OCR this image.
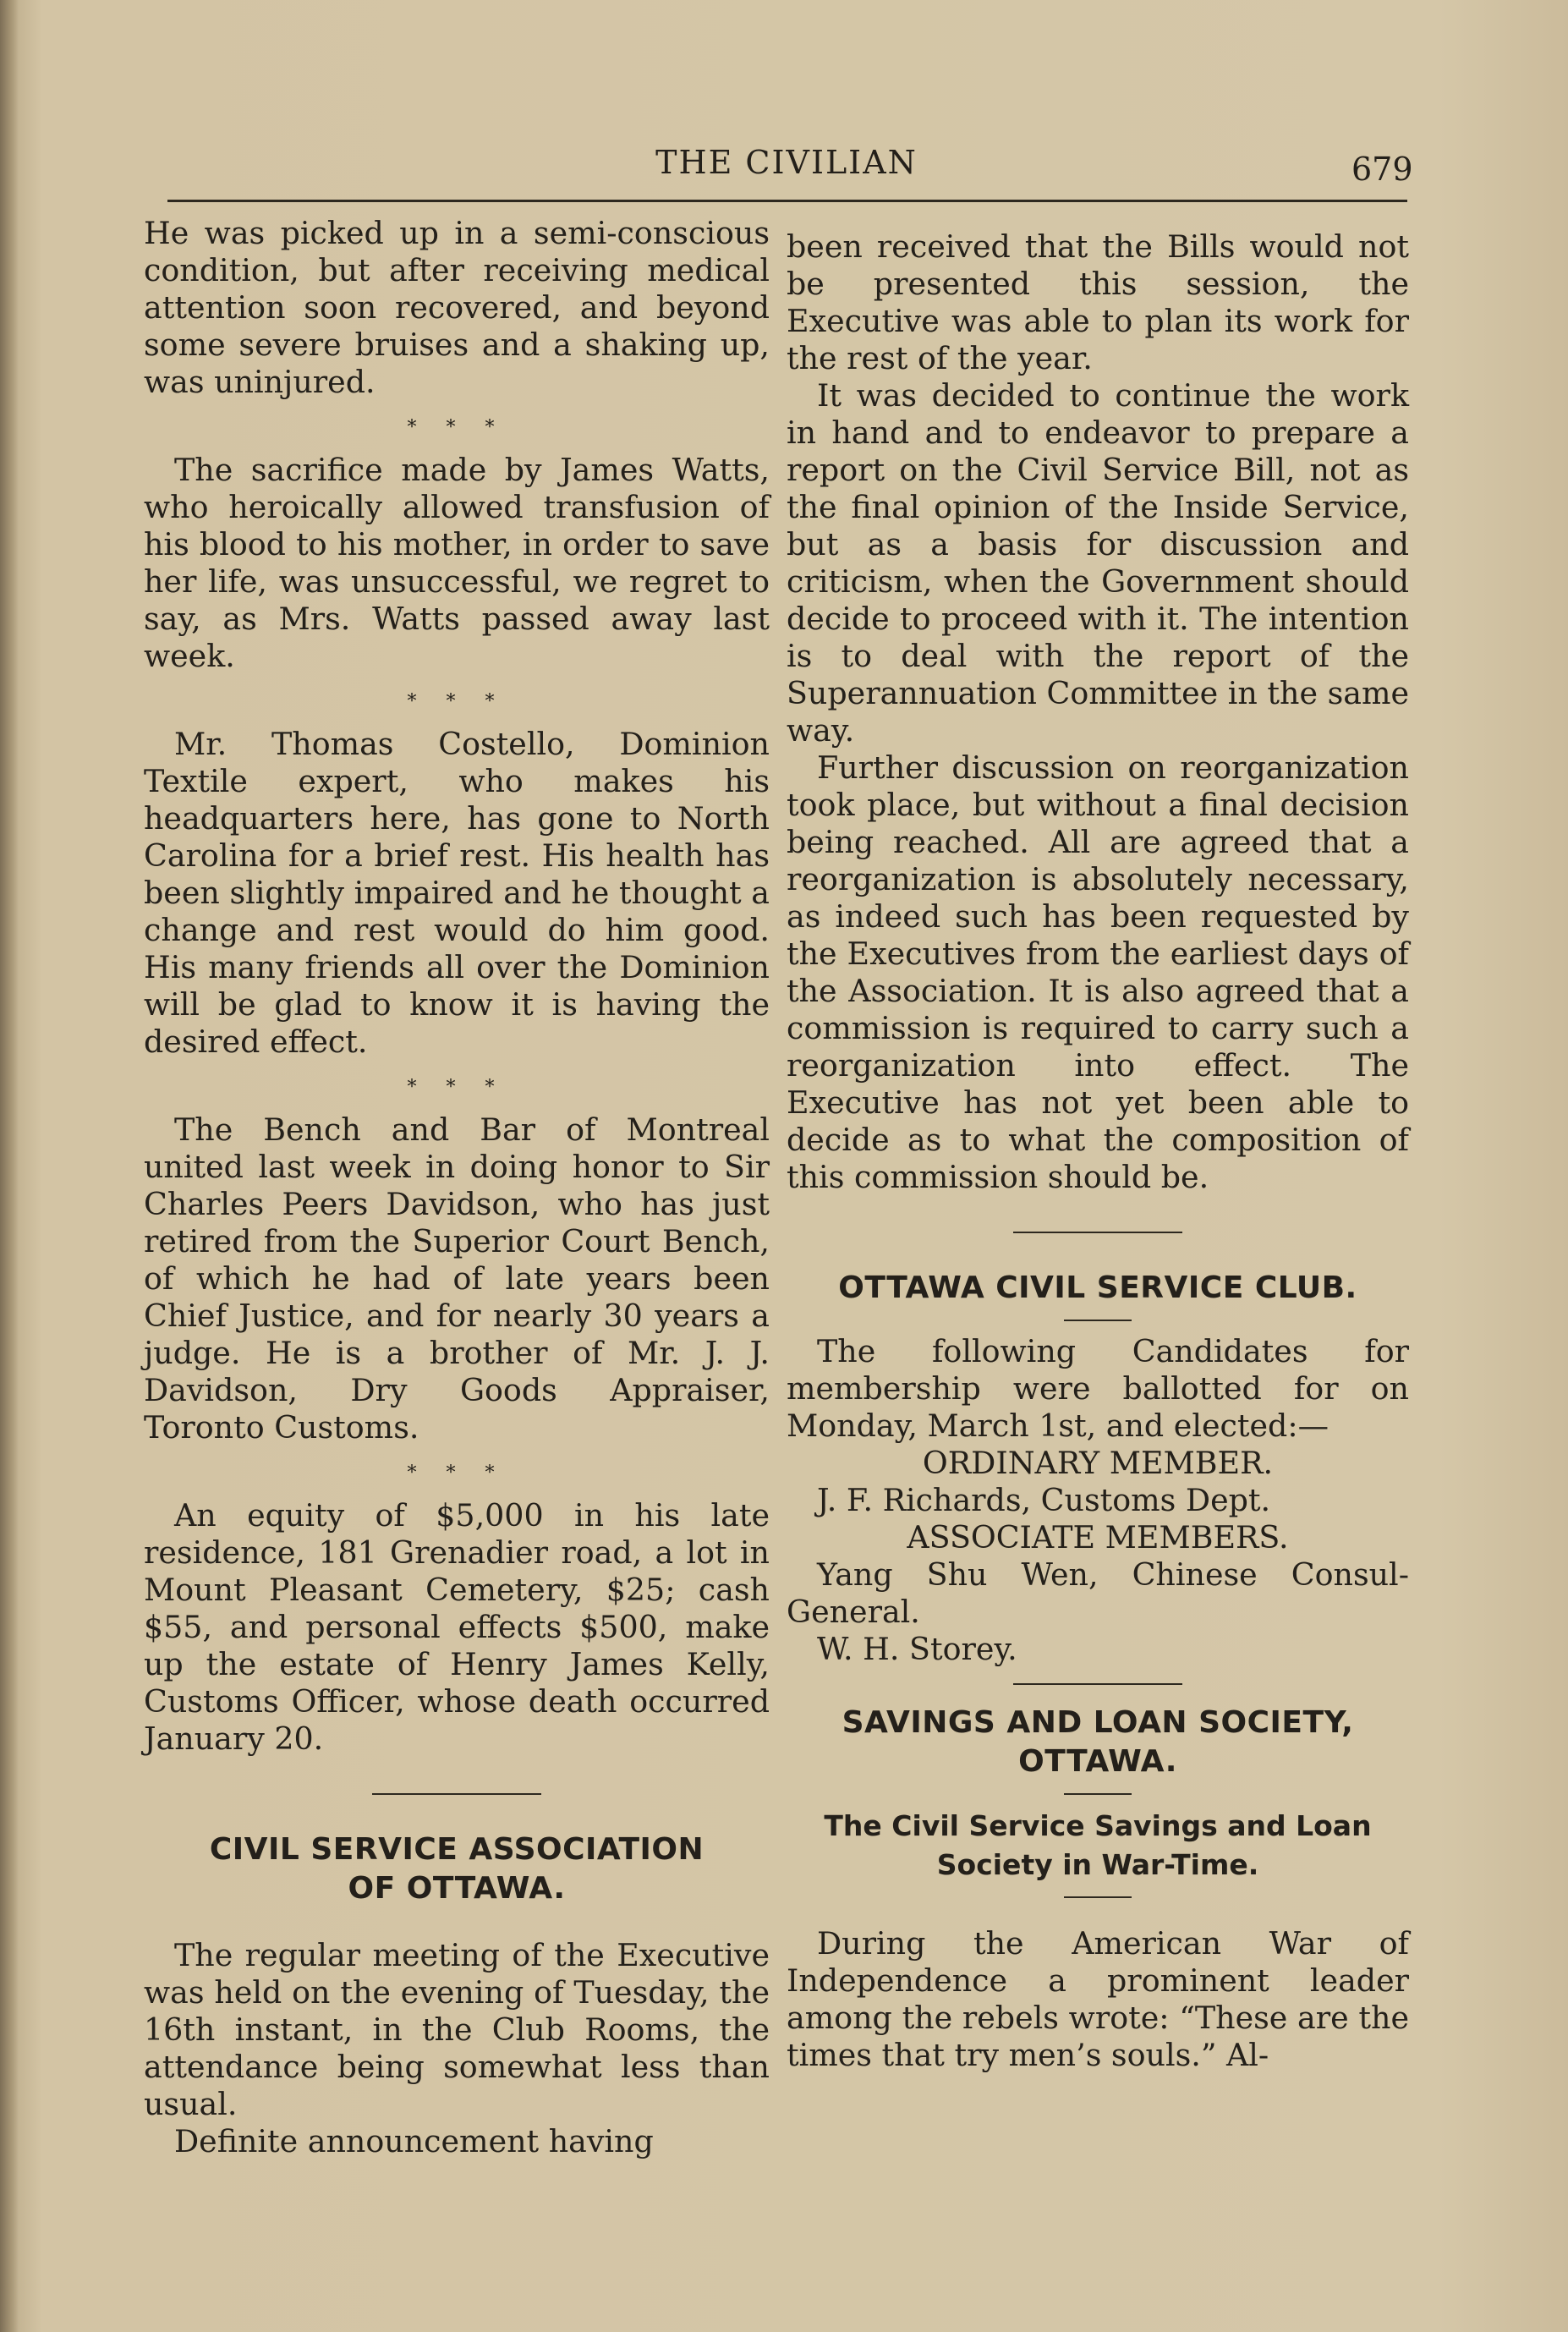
THE CIVILIAN	679

He was picked up in a semi-conscious condition, but after receiving medical attention soon recovered, and beyond some severe bruises and a shaking up, was uninjured.

* * *

The sacrifice made by James Watts, who heroically allowed transfusion of his blood to his mother, in order to save her life, was unsuccessful, we regret to say, as Mrs. Watts passed away last week.

* * *

Mr. Thomas Costello, Dominion Textile expert, who makes his headquarters here, has gone to North Carolina for a brief rest. His health has been slightly impaired and he thought a change and rest would do him good. His many friends all over the Dominion will be glad to know it is having the desired effect.

* * *

The Bench and Bar of Montreal united last week in doing honor to Sir Charles Peers Davidson, who has just retired from the Superior Court Bench, of which he had of late years been Chief Justice, and for nearly 30 years a judge. He is a brother of Mr. J. J. Davidson, Dry Goods Appraiser, Toronto Customs.

* * *

An equity of $5,000 in his late residence, 181 Grenadier road, a lot in Mount Pleasant Cemetery, $25; cash $55, and personal effects $500, make up the estate of Henry James Kelly, Customs Officer, whose death occurred January 20.

CIVIL SERVICE ASSOCIATION
OF OTTAWA.

The regular meeting of the Executive was held on the evening of Tuesday, the 16th instant, in the Club Rooms, the attendance being somewhat less than usual.

Definite announcement having

been received that the Bills would not be presented this session, the Executive was able to plan its work for the rest of the year.

It was decided to continue the work in hand and to endeavor to prepare a report on the Civil Service Bill, not as the final opinion of the Inside Service, but as a basis for discussion and criticism, when the Government should decide to proceed with it. The intention is to deal with the report of the Superannuation Committee in the same way.

Further discussion on reorganization took place, but without a final decision being reached. All are agreed that a reorganization is absolutely necessary, as indeed such has been requested by the Executives from the earliest days of the Association. It is also agreed that a commission is required to carry such a reorganization into effect. The Executive has not yet been able to decide as to what the composition of this commission should be.

OTTAWA CIVIL SERVICE CLUB.

The following Candidates for membership were ballotted for on Monday, March 1st, and elected:—

ORDINARY MEMBER.

J. F. Richards, Customs Dept.

ASSOCIATE MEMBERS.

Yang Shu Wen, Chinese Consul-General.

W. H. Storey.

SAVINGS AND LOAN SOCIETY,
OTTAWA.
The Civil Service Savings and Loan
Society in War-Time.

During the American War of Independence a prominent leader among the rebels wrote: “These are the times that try men’s souls.” Al-
